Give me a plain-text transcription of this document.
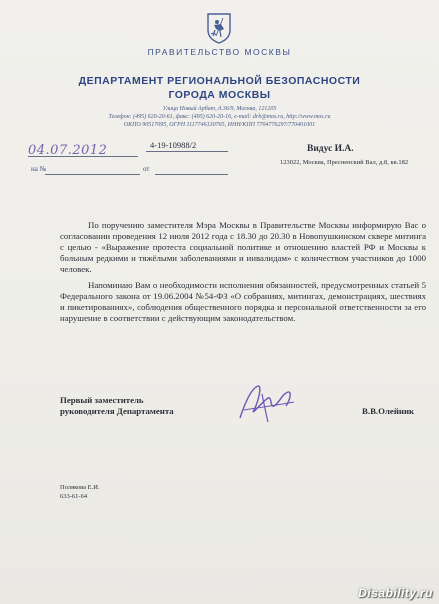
ПРАВИТЕЛЬСТВО МОСКВЫ
ДЕПАРТАМЕНТ РЕГИОНАЛЬНОЙ БЕЗОПАСНОСТИ
ГОРОДА МОСКВЫ
Улица Новый Арбат, д.36/9, Москва, 121205
Телефон: (495) 620-20-61, факс: (495) 620-20-16, e-mail: drb@mos.ru, http://www.mos.ru
ОКПО 90517095, ОГРН 1117746130765, ИНН/КПП 7704776297/770401001
04.07.2012	4-19-10988/2
на №	от
Видус И.А.
123022, Москва, Пресненский Вал, д.8, кв.182
По поручению заместителя Мэра Москвы в Правительстве Москвы информирую Вас о согласовании проведения 12 июля 2012 года с 18.30 до 20.30 в Новопушкинском сквере митинга с целью - «Выражение протеста социальной политике и отношению властей РФ и Москвы к больным редкими и тяжёлыми заболеваниями и инвалидам» с количеством участников до 1000 человек.
Напоминаю Вам о необходимости исполнения обязанностей, предусмотренных статьей 5 Федерального закона от 19.06.2004 №54-ФЗ «О собраниях, митингах, демонстрациях, шествиях и пикетированиях», соблюдения общественного порядка и персональной ответственности за его нарушение в соответствии с действующим законодательством.
Первый заместитель
руководителя Департамента	В.В.Олейник
Полякова Е.И.
633-61-64
Disability.ru
